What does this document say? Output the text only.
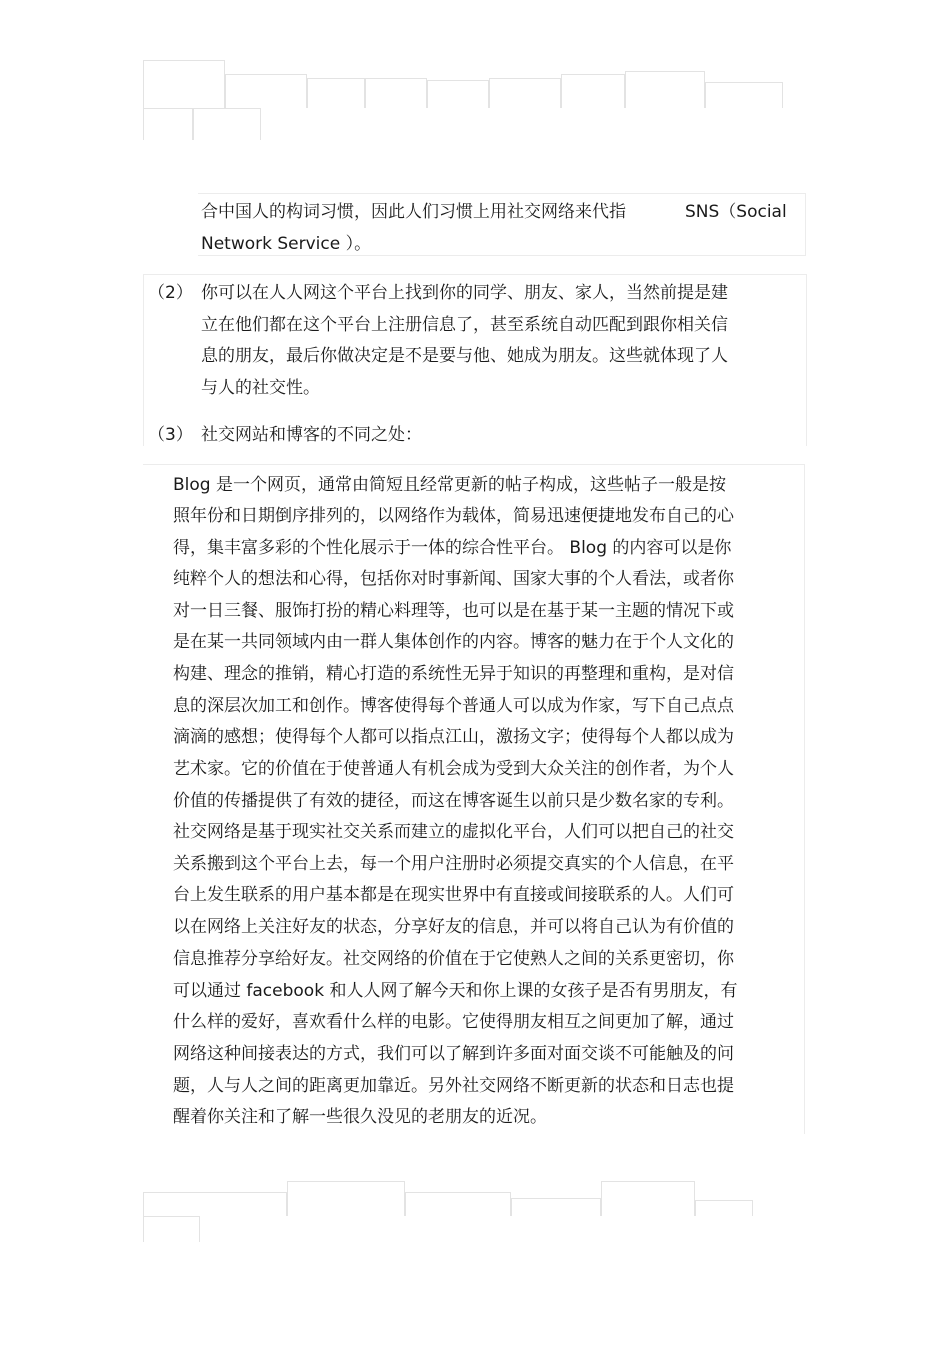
合中国人的构词习惯，因此人们习惯上用社交网络来代指	SNS（Social
Network Service ）。
（2） 你可以在人人网这个平台上找到你的同学、朋友、家人，当然前提是建
立在他们都在这个平台上注册信息了，甚至系统自动匹配到跟你相关信
息的朋友，最后你做决定是不是要与他、她成为朋友。这些就体现了人
与人的社交性。
（3） 社交网站和博客的不同之处：
Blog 是一个网页，通常由简短且经常更新的帖子构成，这些帖子一般是按
照年份和日期倒序排列的，以网络作为载体，简易迅速便捷地发布自己的心
得，集丰富多彩的个性化展示于一体的综合性平台。 Blog 的内容可以是你
纯粹个人的想法和心得，包括你对时事新闻、国家大事的个人看法，或者你
对一日三餐、服饰打扮的精心料理等，也可以是在基于某一主题的情况下或
是在某一共同领域内由一群人集体创作的内容。博客的魅力在于个人文化的
构建、理念的推销，精心打造的系统性无异于知识的再整理和重构，是对信
息的深层次加工和创作。博客使得每个普通人可以成为作家，写下自己点点
滴滴的感想；使得每个人都可以指点江山，激扬文字；使得每个人都以成为
艺术家。它的价值在于使普通人有机会成为受到大众关注的创作者，为个人
价值的传播提供了有效的捷径，而这在博客诞生以前只是少数名家的专利。
社交网络是基于现实社交关系而建立的虚拟化平台，人们可以把自己的社交
关系搬到这个平台上去，每一个用户注册时必须提交真实的个人信息，在平
台上发生联系的用户基本都是在现实世界中有直接或间接联系的人。人们可
以在网络上关注好友的状态，分享好友的信息，并可以将自己认为有价值的
信息推荐分享给好友。社交网络的价值在于它使熟人之间的关系更密切，你
可以通过 facebook 和人人网了解今天和你上课的女孩子是否有男朋友，有
什么样的爱好，喜欢看什么样的电影。它使得朋友相互之间更加了解，通过
网络这种间接表达的方式，我们可以了解到许多面对面交谈不可能触及的问
题，人与人之间的距离更加靠近。另外社交网络不断更新的状态和日志也提
醒着你关注和了解一些很久没见的老朋友的近况。
